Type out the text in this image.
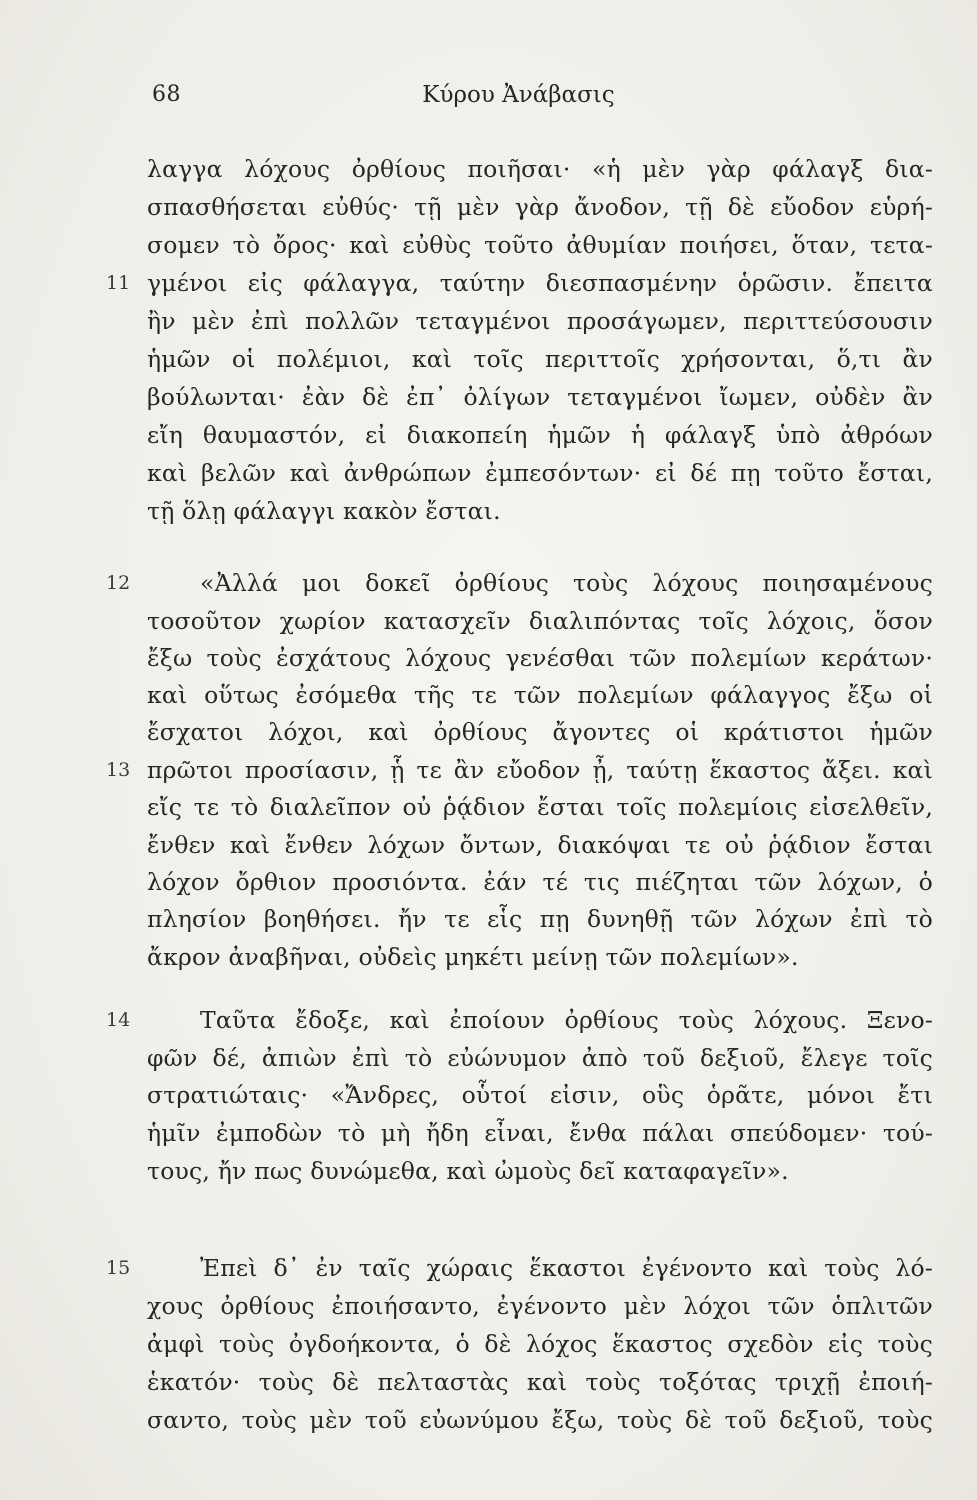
68	Κύρου Ἀνάβασις
11
12
13
14
15
λαγγα λόχους ὀρθίους ποιῆσαι· «ἡ μὲν γὰρ φάλαγξ δια-
σπασθήσεται εὐθύς· τῇ μὲν γὰρ ἄνοδον, τῇ δὲ εὔοδον εὑρή-
σομεν τὸ ὄρος· καὶ εὐθὺς τοῦτο ἀθυμίαν ποιήσει, ὅταν, τετα-
γμένοι εἰς φάλαγγα, ταύτην διεσπασμένην ὁρῶσιν. ἔπειτα
ἢν μὲν ἐπὶ πολλῶν τεταγμένοι προσάγωμεν, περιττεύσουσιν
ἡμῶν οἱ πολέμιοι, καὶ τοῖς περιττοῖς χρήσονται, ὅ,τι ἂν
βούλωνται· ἐὰν δὲ ἐπ᾽ ὀλίγων τεταγμένοι ἴωμεν, οὐδὲν ἂν
εἴη θαυμαστόν, εἰ διακοπείη ἡμῶν ἡ φάλαγξ ὑπὸ ἀθρόων
καὶ βελῶν καὶ ἀνθρώπων ἐμπεσόντων· εἰ δέ πῃ τοῦτο ἔσται,
τῇ ὅλῃ φάλαγγι κακὸν ἔσται.
«Ἀλλά μοι δοκεῖ ὀρθίους τοὺς λόχους ποιησαμένους
τοσοῦτον χωρίον κατασχεῖν διαλιπόντας τοῖς λόχοις, ὅσον
ἔξω τοὺς ἐσχάτους λόχους γενέσθαι τῶν πολεμίων κεράτων·
καὶ οὕτως ἐσόμεθα τῆς τε τῶν πολεμίων φάλαγγος ἔξω οἱ
ἔσχατοι λόχοι, καὶ ὀρθίους ἄγοντες οἱ κράτιστοι ἡμῶν
πρῶτοι προσίασιν, ᾗ τε ἂν εὔοδον ᾖ, ταύτῃ ἕκαστος ἄξει. καὶ
εἴς τε τὸ διαλεῖπον οὐ ῥᾴδιον ἔσται τοῖς πολεμίοις εἰσελθεῖν,
ἔνθεν καὶ ἔνθεν λόχων ὄντων, διακόψαι τε οὐ ῥᾴδιον ἔσται
λόχον ὄρθιον προσιόντα. ἐάν τέ τις πιέζηται τῶν λόχων, ὁ
πλησίον βοηθήσει. ἤν τε εἷς πῃ δυνηθῇ τῶν λόχων ἐπὶ τὸ
ἄκρον ἀναβῆναι, οὐδεὶς μηκέτι μείνῃ τῶν πολεμίων».
Ταῦτα ἔδοξε, καὶ ἐποίουν ὀρθίους τοὺς λόχους. Ξενο-
φῶν δέ, ἀπιὼν ἐπὶ τὸ εὐώνυμον ἀπὸ τοῦ δεξιοῦ, ἔλεγε τοῖς
στρατιώταις· «Ἄνδρες, οὗτοί εἰσιν, οὓς ὁρᾶτε, μόνοι ἔτι
ἡμῖν ἐμποδὼν τὸ μὴ ἤδη εἶναι, ἔνθα πάλαι σπεύδομεν· τού-
τους, ἤν πως δυνώμεθα, καὶ ὠμοὺς δεῖ καταφαγεῖν».
Ἐπεὶ δ᾽ ἐν ταῖς χώραις ἕκαστοι ἐγένοντο καὶ τοὺς λό-
χους ὀρθίους ἐποιήσαντο, ἐγένοντο μὲν λόχοι τῶν ὁπλιτῶν
ἀμφὶ τοὺς ὀγδοήκοντα, ὁ δὲ λόχος ἕκαστος σχεδὸν εἰς τοὺς
ἑκατόν· τοὺς δὲ πελταστὰς καὶ τοὺς τοξότας τριχῇ ἐποιή-
σαντο, τοὺς μὲν τοῦ εὐωνύμου ἔξω, τοὺς δὲ τοῦ δεξιοῦ, τοὺς
